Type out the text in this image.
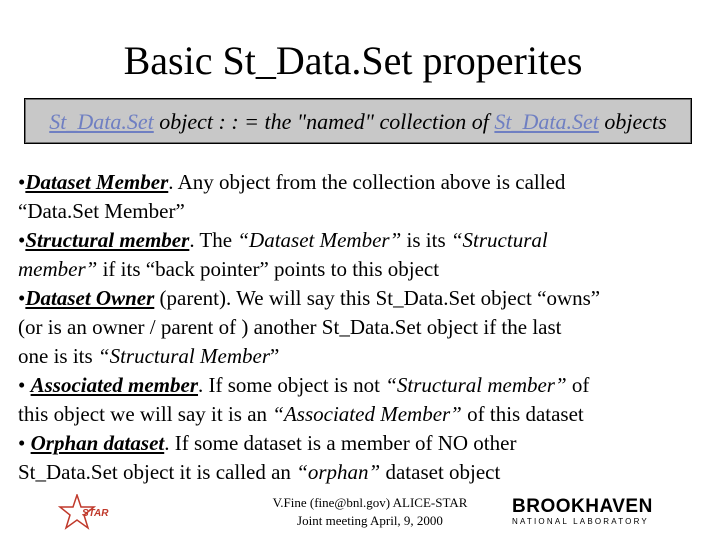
Basic St_Data.Set properites
St_Data.Set object : : = the "named" collection of St_Data.Set objects
•Dataset Member. Any object from the collection above is called
“Data.Set Member”
•Structural member. The “Dataset Member” is its “Structural
member” if its “back pointer” points to this object
•Dataset Owner (parent). We will say this St_Data.Set object “owns”
(or is an owner / parent of ) another St_Data.Set object if the last
one is its “Structural Member”
• Associated member. If some object is not “Structural member” of
this object we will say it is an “Associated Member” of this dataset
• Orphan dataset. If some dataset is a member of NO other
St_Data.Set object it is called an “orphan” dataset object
STAR
V.Fine (fine@bnl.gov) ALICE-STAR
Joint meeting April, 9, 2000
BROOKHAVEN
NATIONAL LABORATORY
